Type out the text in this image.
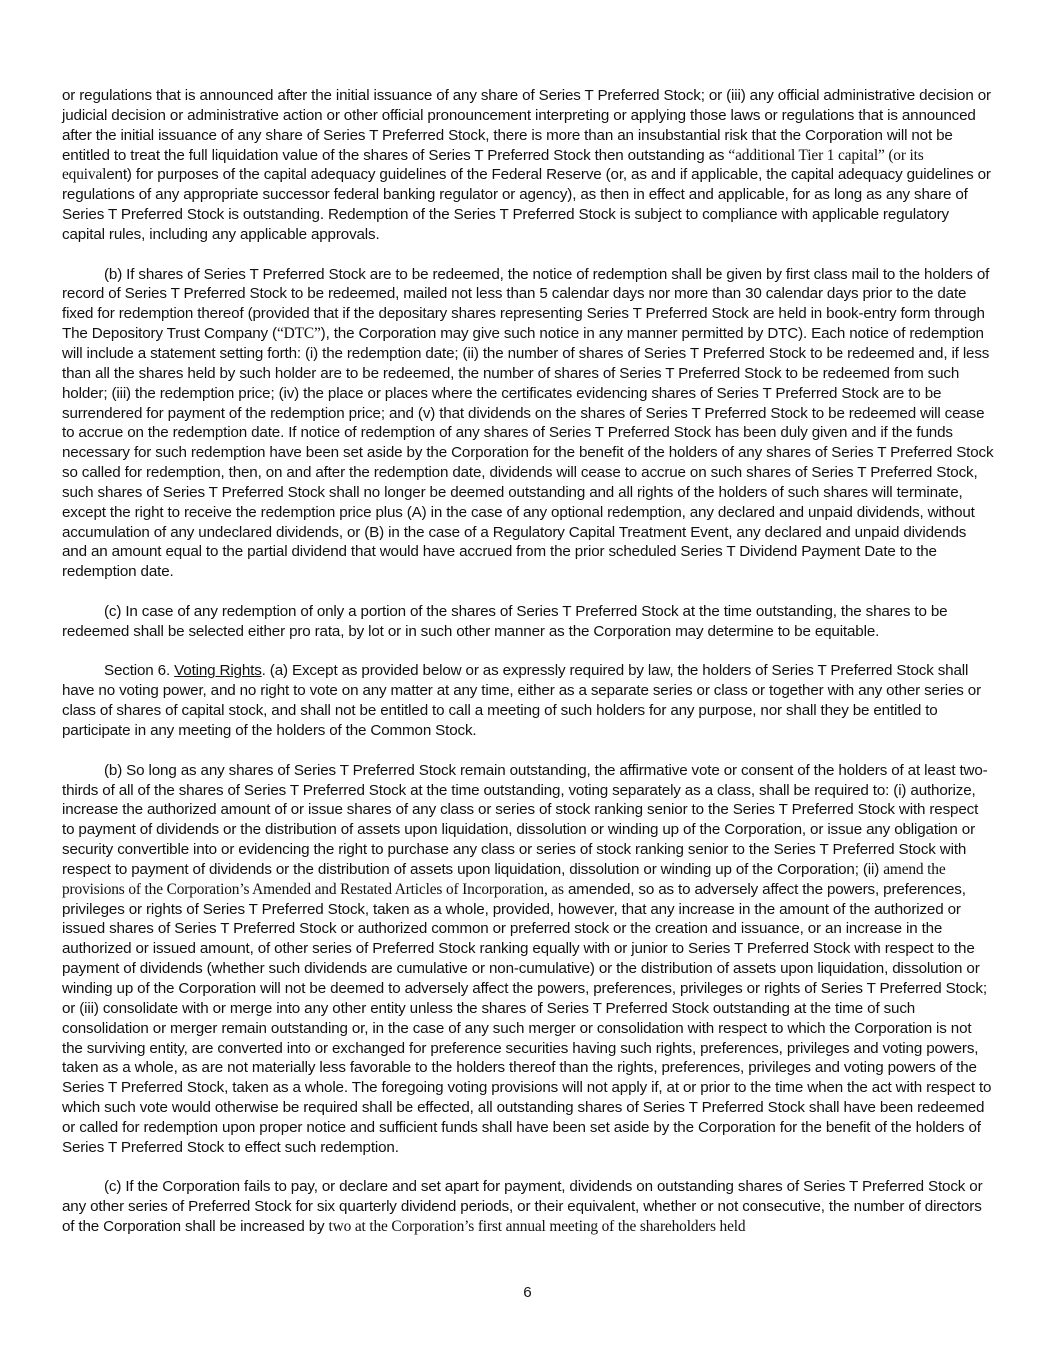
or regulations that is announced after the initial issuance of any share of Series T Preferred Stock; or (iii) any official administrative decision or judicial decision or administrative action or other official pronouncement interpreting or applying those laws or regulations that is announced after the initial issuance of any share of Series T Preferred Stock, there is more than an insubstantial risk that the Corporation will not be entitled to treat the full liquidation value of the shares of Series T Preferred Stock then outstanding as “additional Tier 1 capital” (or its equivalent) for purposes of the capital adequacy guidelines of the Federal Reserve (or, as and if applicable, the capital adequacy guidelines or regulations of any appropriate successor federal banking regulator or agency), as then in effect and applicable, for as long as any share of Series T Preferred Stock is outstanding. Redemption of the Series T Preferred Stock is subject to compliance with applicable regulatory capital rules, including any applicable approvals.

(b) If shares of Series T Preferred Stock are to be redeemed, the notice of redemption shall be given by first class mail to the holders of record of Series T Preferred Stock to be redeemed, mailed not less than 5 calendar days nor more than 30 calendar days prior to the date fixed for redemption thereof (provided that if the depositary shares representing Series T Preferred Stock are held in book-entry form through The Depository Trust Company (“DTC”), the Corporation may give such notice in any manner permitted by DTC). Each notice of redemption will include a statement setting forth: (i) the redemption date; (ii) the number of shares of Series T Preferred Stock to be redeemed and, if less than all the shares held by such holder are to be redeemed, the number of shares of Series T Preferred Stock to be redeemed from such holder; (iii) the redemption price; (iv) the place or places where the certificates evidencing shares of Series T Preferred Stock are to be surrendered for payment of the redemption price; and (v) that dividends on the shares of Series T Preferred Stock to be redeemed will cease to accrue on the redemption date. If notice of redemption of any shares of Series T Preferred Stock has been duly given and if the funds necessary for such redemption have been set aside by the Corporation for the benefit of the holders of any shares of Series T Preferred Stock so called for redemption, then, on and after the redemption date, dividends will cease to accrue on such shares of Series T Preferred Stock, such shares of Series T Preferred Stock shall no longer be deemed outstanding and all rights of the holders of such shares will terminate, except the right to receive the redemption price plus (A) in the case of any optional redemption, any declared and unpaid dividends, without accumulation of any undeclared dividends, or (B) in the case of a Regulatory Capital Treatment Event, any declared and unpaid dividends and an amount equal to the partial dividend that would have accrued from the prior scheduled Series T Dividend Payment Date to the redemption date.

(c) In case of any redemption of only a portion of the shares of Series T Preferred Stock at the time outstanding, the shares to be redeemed shall be selected either pro rata, by lot or in such other manner as the Corporation may determine to be equitable.

Section 6. Voting Rights. (a) Except as provided below or as expressly required by law, the holders of Series T Preferred Stock shall have no voting power, and no right to vote on any matter at any time, either as a separate series or class or together with any other series or class of shares of capital stock, and shall not be entitled to call a meeting of such holders for any purpose, nor shall they be entitled to participate in any meeting of the holders of the Common Stock.

(b) So long as any shares of Series T Preferred Stock remain outstanding, the affirmative vote or consent of the holders of at least two-thirds of all of the shares of Series T Preferred Stock at the time outstanding, voting separately as a class, shall be required to: (i) authorize, increase the authorized amount of or issue shares of any class or series of stock ranking senior to the Series T Preferred Stock with respect to payment of dividends or the distribution of assets upon liquidation, dissolution or winding up of the Corporation, or issue any obligation or security convertible into or evidencing the right to purchase any class or series of stock ranking senior to the Series T Preferred Stock with respect to payment of dividends or the distribution of assets upon liquidation, dissolution or winding up of the Corporation; (ii) amend the provisions of the Corporation’s Amended and Restated Articles of Incorporation, as amended, so as to adversely affect the powers, preferences, privileges or rights of Series T Preferred Stock, taken as a whole, provided, however, that any increase in the amount of the authorized or issued shares of Series T Preferred Stock or authorized common or preferred stock or the creation and issuance, or an increase in the authorized or issued amount, of other series of Preferred Stock ranking equally with or junior to Series T Preferred Stock with respect to the payment of dividends (whether such dividends are cumulative or non-cumulative) or the distribution of assets upon liquidation, dissolution or winding up of the Corporation will not be deemed to adversely affect the powers, preferences, privileges or rights of Series T Preferred Stock; or (iii) consolidate with or merge into any other entity unless the shares of Series T Preferred Stock outstanding at the time of such consolidation or merger remain outstanding or, in the case of any such merger or consolidation with respect to which the Corporation is not the surviving entity, are converted into or exchanged for preference securities having such rights, preferences, privileges and voting powers, taken as a whole, as are not materially less favorable to the holders thereof than the rights, preferences, privileges and voting powers of the Series T Preferred Stock, taken as a whole. The foregoing voting provisions will not apply if, at or prior to the time when the act with respect to which such vote would otherwise be required shall be effected, all outstanding shares of Series T Preferred Stock shall have been redeemed or called for redemption upon proper notice and sufficient funds shall have been set aside by the Corporation for the benefit of the holders of Series T Preferred Stock to effect such redemption.

(c) If the Corporation fails to pay, or declare and set apart for payment, dividends on outstanding shares of Series T Preferred Stock or any other series of Preferred Stock for six quarterly dividend periods, or their equivalent, whether or not consecutive, the number of directors of the Corporation shall be increased by two at the Corporation’s first annual meeting of the shareholders held

6
